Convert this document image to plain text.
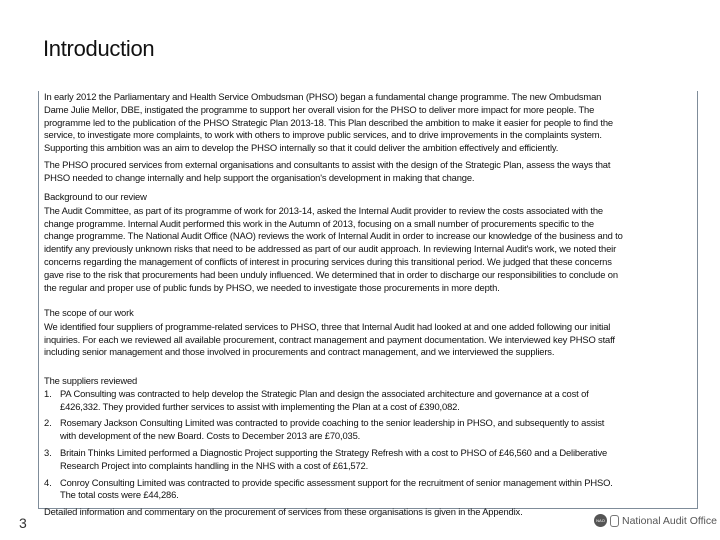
Introduction
In early 2012 the Parliamentary and Health Service Ombudsman (PHSO) began a fundamental change programme. The new Ombudsman
Dame Julie Mellor, DBE, instigated the programme to support her overall vision for the PHSO to deliver more impact for more people. The
programme led to the publication of the PHSO Strategic Plan 2013-18. This Plan described the ambition to make it easier for people to find the
service, to investigate more complaints, to work with others to improve public services, and to drive improvements in the complaints system.
Supporting this ambition was an aim to develop the PHSO internally so that it could deliver the ambition effectively and efficiently.
The PHSO procured services from external organisations and consultants to assist with the design of the Strategic Plan, assess the ways that
PHSO needed to change internally and help support the organisation's development in making that change.
Background to our review
The Audit Committee, as part of its programme of work for 2013-14, asked the Internal Audit provider to review the costs associated with the
change programme. Internal Audit performed this work in the Autumn of 2013, focusing on a small number of procurements specific to the
change programme. The National Audit Office (NAO) reviews the work of Internal Audit in order to increase our knowledge of the business and to
identify any previously unknown risks that need to be addressed as part of our audit approach. In reviewing Internal Audit's work, we noted their
concerns regarding the management of conflicts of interest in procuring services during this transitional period. We judged that these concerns
gave rise to the risk that procurements had been unduly influenced. We determined that in order to discharge our responsibilities to conclude on
the regular and proper use of public funds by PHSO, we needed to investigate those procurements in more depth.
The scope of our work
We identified four suppliers of programme-related services to PHSO, three that Internal Audit had looked at and one added following our initial
inquiries. For each we reviewed all available procurement, contract management and payment documentation. We interviewed key PHSO staff
including senior management and those involved in procurements and contract management, and we interviewed the suppliers.
The suppliers reviewed
1. PA Consulting was contracted to help develop the Strategic Plan and design the associated architecture and governance at a cost of
£426,332. They provided further services to assist with implementing the Plan at a cost of £390,082.
2. Rosemary Jackson Consulting Limited was contracted to provide coaching to the senior leadership in PHSO, and subsequently to assist
with development of the new Board. Costs to December 2013 are £70,035.
3. Britain Thinks Limited performed a Diagnostic Project supporting the Strategy Refresh with a cost to PHSO of £46,560 and a Deliberative
Research Project into complaints handling in the NHS with a cost of £61,572.
4. Conroy Consulting Limited was contracted to provide specific assessment support for the recruitment of senior management within PHSO.
The total costs were £44,286.
Detailed information and commentary on the procurement of services from these organisations is given in the Appendix.
3	NAO National Audit Office
